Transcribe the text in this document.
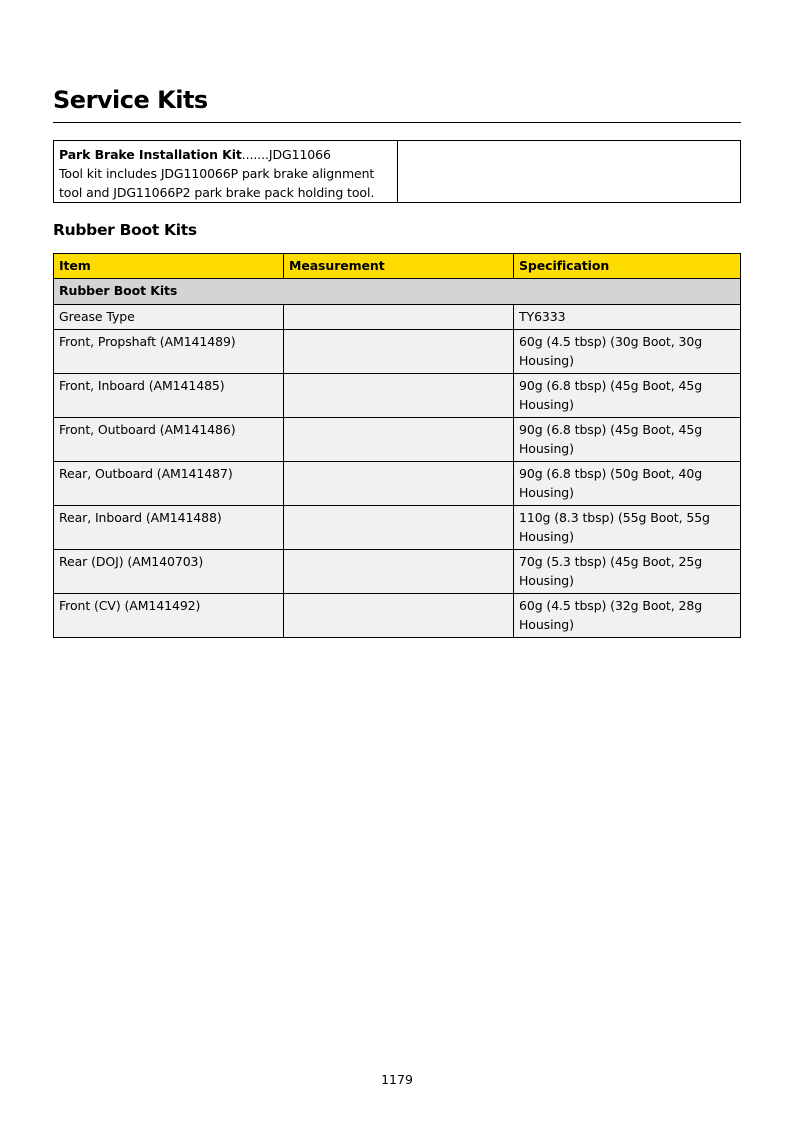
Service Kits
Park Brake Installation Kit.......JDG11066
Tool kit includes JDG110066P park brake alignment
tool and JDG11066P2 park brake pack holding tool.
Rubber Boot Kits
Item	Measurement	Specification
Rubber Boot Kits		
Grease Type		TY6333

Front, Propshaft (AM141489)		60g (4.5 tbsp) (30g Boot, 30g
Housing)

Front, Inboard (AM141485)		90g (6.8 tbsp) (45g Boot, 45g
Housing)

Front, Outboard (AM141486)		90g (6.8 tbsp) (45g Boot, 45g
Housing)

Rear, Outboard (AM141487)		90g (6.8 tbsp) (50g Boot, 40g
Housing)

Rear, Inboard (AM141488)		110g (8.3 tbsp) (55g Boot, 55g
Housing)

Rear (DOJ) (AM140703)		70g (5.3 tbsp) (45g Boot, 25g
Housing)

Front (CV) (AM141492)		60g (4.5 tbsp) (32g Boot, 28g
Housing)
1179
